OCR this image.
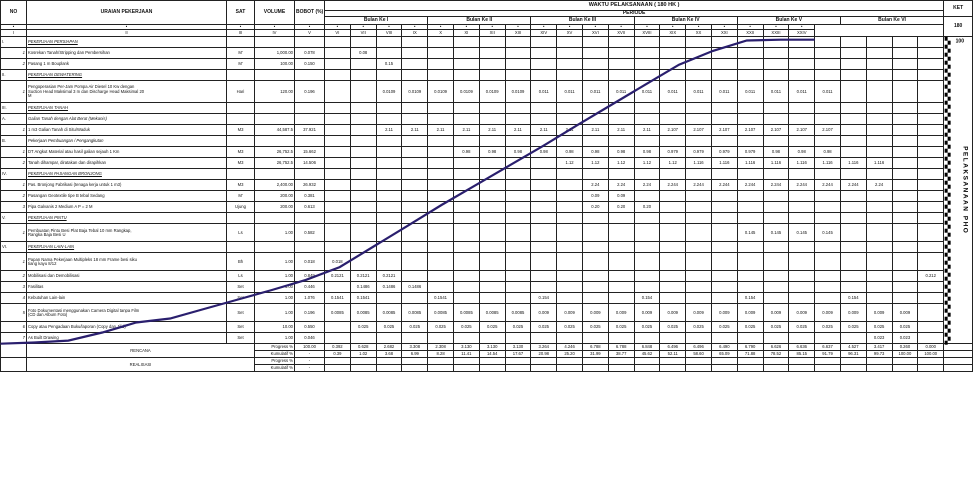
NO	URAIAN PEKERJAAN	SAT	VOLUME	BOBOT (%)	WAKTU PELAKSANAAN ( 180 HK )																								KET
					PERIODE																								
					Bulan Ke I				Bulan Ke II				Bulan Ke III				Bulan Ke IV				Bulan Ke V				Bulan Ke VI				180
•	•	•	•	•	•	•	•	•	•	•	•	•	•	•	•	•	•	•	•	•	•	•	•						
I	II	III	IV	V	VI	VII	VIII	IX	X	XI	XII	XIII	XIV	XV	XVI	XVII	XVIII	XIX	XX	XXI	XXII	XXIII	XXIV						
I.	PEKERJAAN PERSIAPAN																												
1	Kosrekan Tanah/Stripping dan Pembersihan	M'	1,000.00	0.078		0.08																							
2	Pasang 1 m Bouplank	M'	100.00	0.150			0.15																						
II.	PEKERJAAN DEWATERING																												
1	Pengoperasian Per-Jam Pompa Air Diesel 10 Kw dengan
Suction Head Maksimal 3 m dan Discharge Head Maksimal 20
M	Hari	120.00	0.196			0.0109	0.0109	0.0109	0.0109	0.0109	0.0109	0.011	0.011	0.011	0.011	0.011	0.011	0.011	0.011	0.011	0.011	0.011	0.011					
III.	PEKERJAAN TANAH																												
A.	Galian Tanah dengan Alat Berat (Mekanis)																												
1	1 m3 Galian Tanah di Situ/Waduk	M3	44,587.5	37.921			2.11	2.11	2.11	2.11	2.11	2.11	2.11	2.11	2.11	2.11	2.11	2.107	2.107	2.107	2.107	2.107	2.107	2.107					
B.	Pekerjaan Pembuangan / Pengangkutan																												
1	DT Angkut Material atau hasil galian sejauh 1 Km	M3	26,752.5	15.662						0.98	0.98	0.98	0.98	0.98	0.98	0.98	0.98	0.979	0.979	0.979	0.979	0.98	0.98	0.98					
2	Tanah dihampar, diratakan dan dirapihkan	M3	26,752.5	14.506										1.12	1.12	1.12	1.12	1.12	1.116	1.116	1.116	1.116	1.116	1.116	1.116	1.116			
IV.	PEKERJAAN PASANGAN BRONJONG																												
1	Pas. Bronjong Fabrikasi (tenaga kerja untuk 1 m3)	M3	2,400.00	26.932											2.24	2.24	2.24	2.244	2.244	2.244	2.244	2.244	2.244	2.244	2.244	2.24			
2	Pasangan Geotextile tipe B tebal Sedang	M'	200.00	0.381											0.09	0.09													
3	Pipa Galvanis 2 Medium A P = 2 M	Ujung	200.00	0.613											0.20	0.20	0.20												
V.	PEKERJAAN PINTU																												
1	Pembuatan Pintu Besi Plat Baja Tebal 10 mm Rangkap,
Rangka Baja Besi U	Ls	1.00	0.582																	0.145	0.145	0.145	0.145					
VI.	PEKERJAAN LAIN-LAIN																												
1	Papan Nama Pekerjaan Multipleks 18 mm Frame besi siku
tiang kayu 8/12	Bh	1.00	0.018	0.018																								
2	Mobilisasi dan Demobilisasi	Ls	1.00	0.849	0.2121	0.2121	0.2121																					0.212	
3	Fasilitas	Set	1.00	0.446		0.1486	0.1486	0.1486																					
4	Kebutuhan Lain-lain	Set	1.00	1.076	0.1541	0.1541			0.1541				0.154				0.154				0.154				0.154				
5	Foto Dokumentasi menggunakan Camera Digital tanpa Film
(CD dan Album Foto)	Set	1.00	0.196	0.0085	0.0085	0.0085	0.0085	0.0085	0.0085	0.0085	0.0085	0.009	0.009	0.009	0.009	0.009	0.009	0.009	0.009	0.009	0.009	0.009	0.009	0.009	0.009	0.009		
6	Copy atau Pengadaan Buku/laporan (Copy dan Jilid)	Set	10.00	0.550		0.025	0.025	0.025	0.025	0.025	0.025	0.025	0.025	0.025	0.025	0.025	0.025	0.025	0.025	0.025	0.025	0.025	0.025	0.025	0.025	0.025	0.025		
7	As Built Drawing	Set	1.00	0.046																						0.023	0.023		
	RENCANA		Progress %	100.00	0.392	0.628	2.682	3.308	2.308	3.130	3.130	3.130	3.264	4.246	6.788	6.788	6.848	6.496	6.496	6.490	6.790	6.626	6.636	6.637	4.527	3.417	0.260	0.000	
			Kumulatif %	-	0.39	1.02	3.68	6.99	8.28	11.41	14.54	17.67	20.98	25.20	31.99	38.77	45.62	52.11	58.60	65.09	71.88	78.52	85.15	91.79	96.31	99.73	100.00	100.00	
	REALISASI		Progress %	-																									
			Kumulatif %	-																									
PELAKSANAAN PHO
100
